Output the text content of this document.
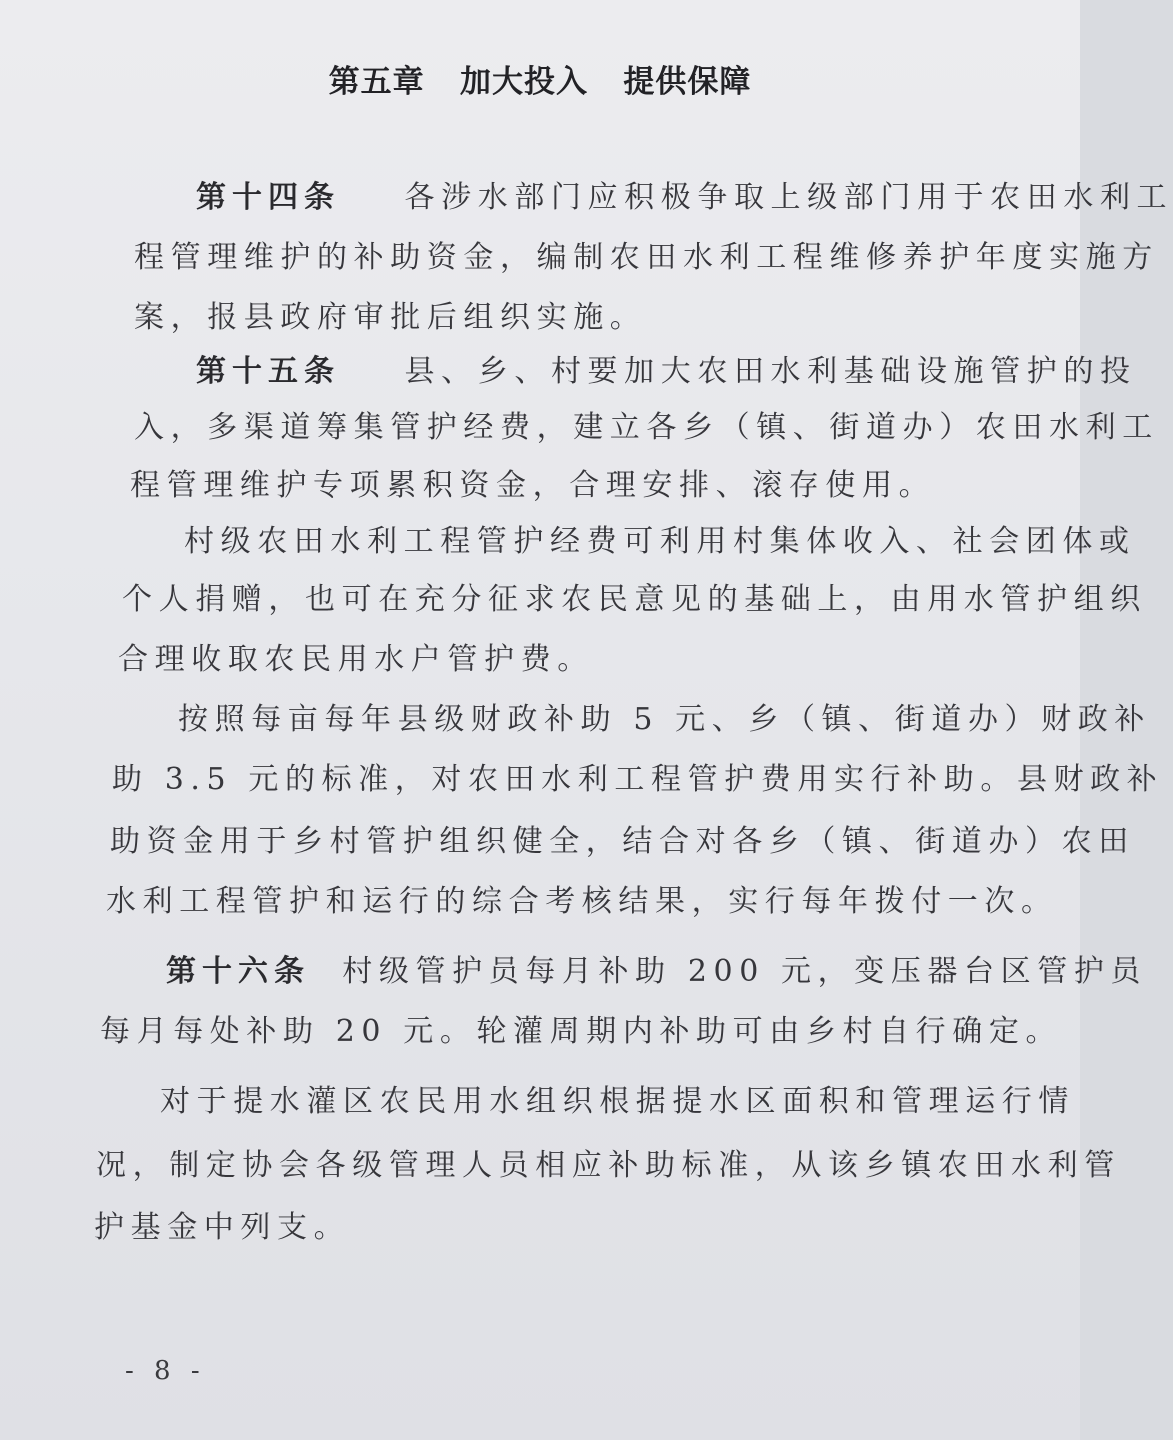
第五章   加大投入   提供保障
第十四条 各涉水部门应积极争取上级部门用于农田水利工
程管理维护的补助资金，编制农田水利工程维修养护年度实施方
案，报县政府审批后组织实施。
第十五条 县、乡、村要加大农田水利基础设施管护的投
入，多渠道筹集管护经费，建立各乡（镇、街道办）农田水利工
程管理维护专项累积资金，合理安排、滚存使用。
村级农田水利工程管护经费可利用村集体收入、社会团体或
个人捐赠，也可在充分征求农民意见的基础上，由用水管护组织
合理收取农民用水户管护费。
按照每亩每年县级财政补助 5 元、乡（镇、街道办）财政补
助 3.5 元的标准，对农田水利工程管护费用实行补助。县财政补
助资金用于乡村管护组织健全，结合对各乡（镇、街道办）农田
水利工程管护和运行的综合考核结果，实行每年拨付一次。
第十六条 村级管护员每月补助 200 元，变压器台区管护员
每月每处补助 20 元。轮灌周期内补助可由乡村自行确定。
对于提水灌区农民用水组织根据提水区面积和管理运行情
况，制定协会各级管理人员相应补助标准，从该乡镇农田水利管
护基金中列支。
- 8 -
